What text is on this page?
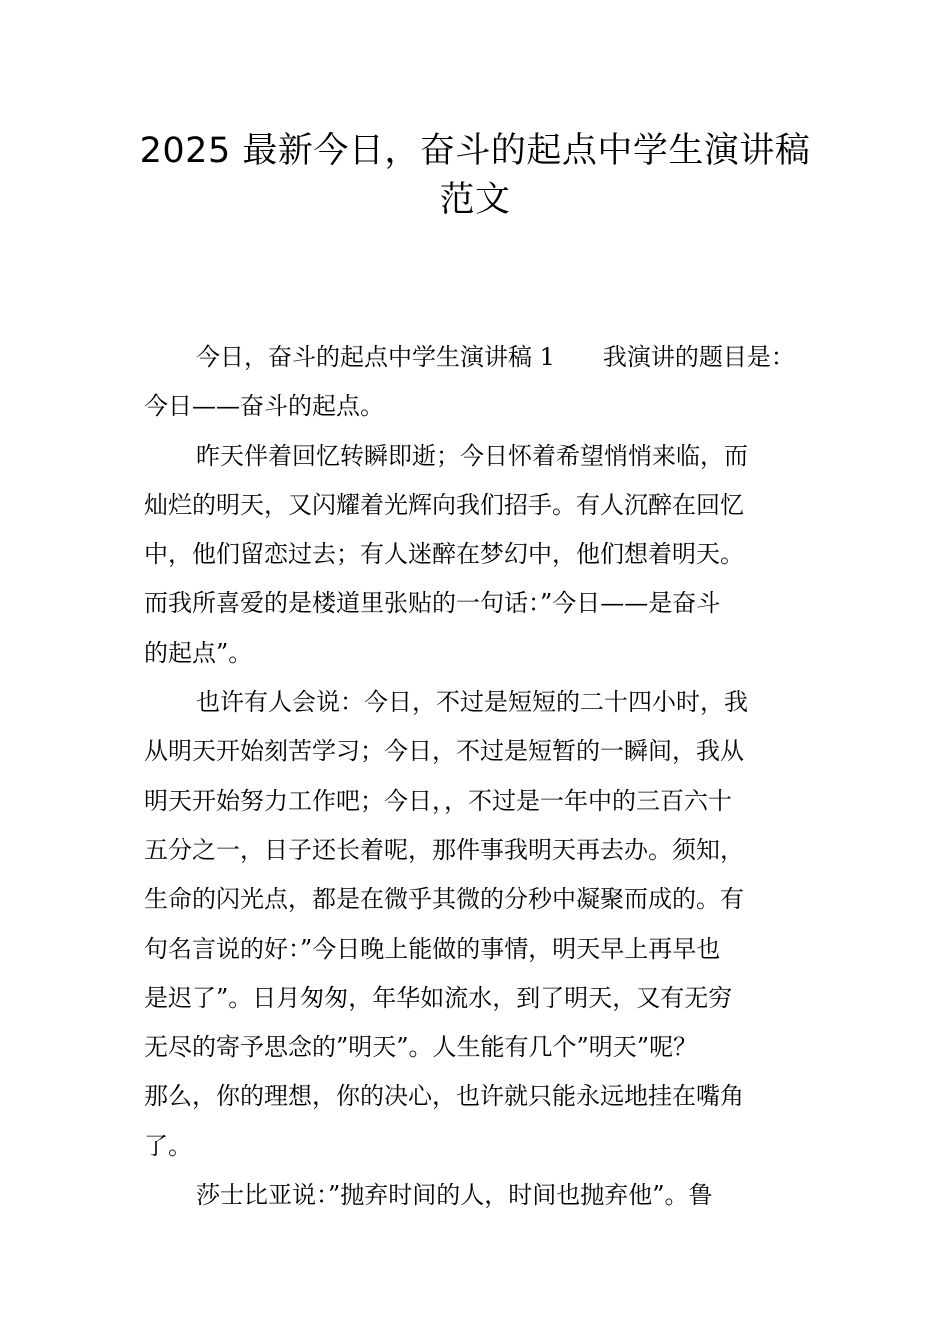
2025 最新今日，奋斗的起点中学生演讲稿
范文
今日，奋斗的起点中学生演讲稿 1　　我演讲的题目是：
今日——奋斗的起点。
昨天伴着回忆转瞬即逝；今日怀着希望悄悄来临，而
灿烂的明天，又闪耀着光辉向我们招手。有人沉醉在回忆
中，他们留恋过去；有人迷醉在梦幻中，他们想着明天。
而我所喜爱的是楼道里张贴的一句话：”今日——是奋斗
的起点”。
也许有人会说：今日，不过是短短的二十四小时，我
从明天开始刻苦学习；今日，不过是短暂的一瞬间，我从
明天开始努力工作吧；今日，，不过是一年中的三百六十
五分之一，日子还长着呢，那件事我明天再去办。须知，
生命的闪光点，都是在微乎其微的分秒中凝聚而成的。有
句名言说的好：”今日晚上能做的事情，明天早上再早也
是迟了”。日月匆匆，年华如流水，到了明天，又有无穷
无尽的寄予思念的”明天”。人生能有几个”明天”呢？
那么，你的理想，你的决心，也许就只能永远地挂在嘴角
了。
莎士比亚说：”抛弃时间的人，时间也抛弃他”。鲁
